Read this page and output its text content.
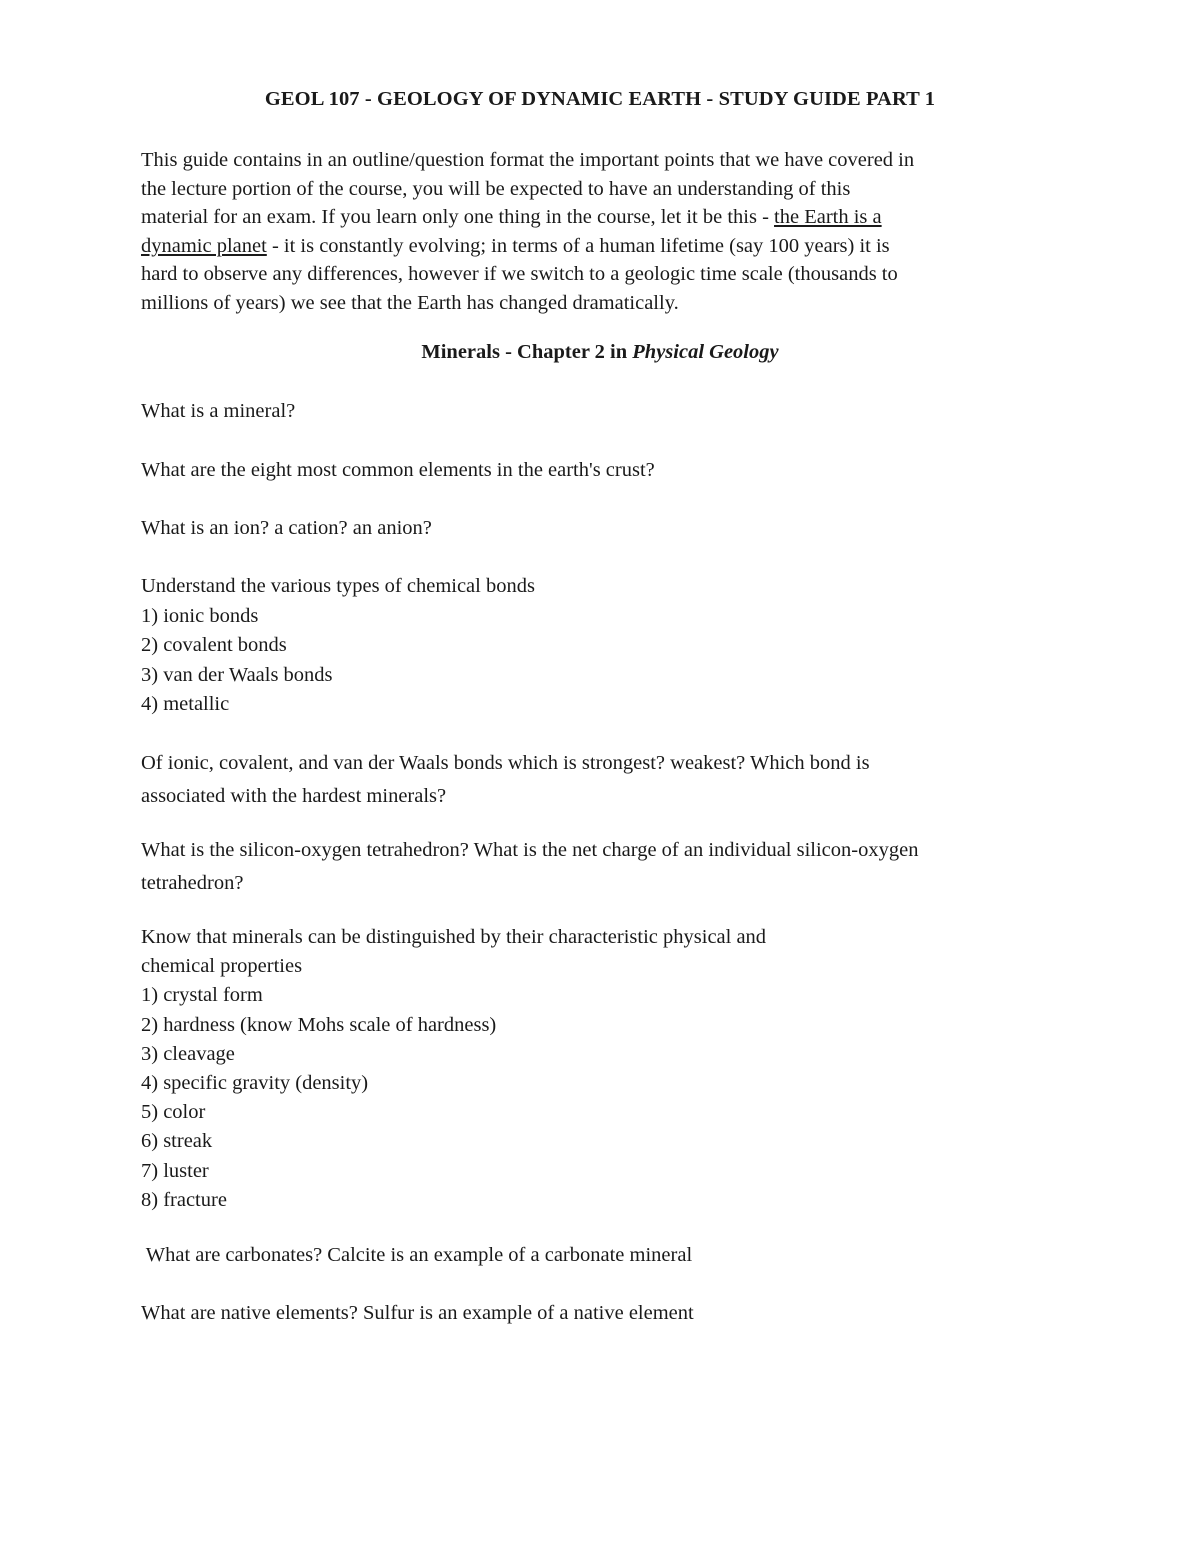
GEOL 107 - GEOLOGY OF DYNAMIC EARTH - STUDY GUIDE PART 1
This guide contains in an outline/question format the important points that we have covered in
the lecture portion of the course, you will be expected to have an understanding of this
material for an exam. If you learn only one thing in the course, let it be this - the Earth is a
dynamic planet - it is constantly evolving; in terms of a human lifetime (say 100 years) it is
hard to observe any differences, however if we switch to a geologic time scale (thousands to
millions of years) we see that the Earth has changed dramatically.
Minerals - Chapter 2 in Physical Geology
What is a mineral?
What are the eight most common elements in the earth's crust?
What is an ion? a cation? an anion?
Understand the various types of chemical bonds
1) ionic bonds
2) covalent bonds
3) van der Waals bonds
4) metallic
Of ionic, covalent, and van der Waals bonds which is strongest? weakest? Which bond is
associated with the hardest minerals?
What is the silicon-oxygen tetrahedron? What is the net charge of an individual silicon-oxygen
tetrahedron?
Know that minerals can be distinguished by their characteristic physical and
chemical properties
1) crystal form
2) hardness (know Mohs scale of hardness)
3) cleavage
4) specific gravity (density)
5) color
6) streak
7) luster
8) fracture
What are carbonates? Calcite is an example of a carbonate mineral
What are native elements? Sulfur is an example of a native element
